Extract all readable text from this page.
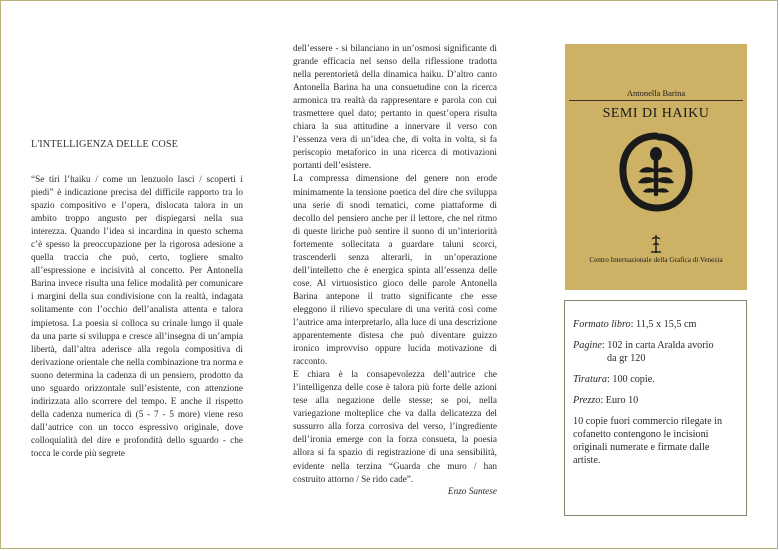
L'INTELLIGENZA DELLE COSE

“Se tiri l’haiku / come un lenzuolo lasci / scoperti i piedi” è indicazione precisa del difficile rapporto tra lo spazio compositivo e l’opera, dislocata talora in un ambito troppo angusto per dispiegarsi nella sua interezza. Quando l’idea si incardina in questo schema c’è spesso la preoccupazione per la rigorosa adesione a quella traccia che può, certo, togliere smalto all’espressione e incisività al concetto. Per Antonella Barina invece risulta una felice modalità per comunicare i margini della sua condivisione con la realtà, indagata solitamente con l’occhio dell’analista attenta e talora impietosa. La poesia si colloca su crinale lungo il quale da una parte si sviluppa e cresce all’insegna di un’ampia libertà, dall’altra aderisce alla regola compositiva di derivazione orientale che nella combinazione tra norma e suono determina la cadenza di un pensiero, prodotto da uno sguardo orizzontale sull’esistente, con attenzione indirizzata allo scorrere del tempo. E anche il rispetto della cadenza numerica di (5 - 7 - 5 more) viene reso dall’autrice con un tocco espressivo originale, dove colloquialità del dire e profondità dello sguardo - che tocca le corde più segrete

dell’essere - si bilanciano in un’osmosi significante di grande efficacia nel senso della riflessione tradotta nella perentorietà della dinamica haiku. D’altro canto Antonella Barina ha una consuetudine con la ricerca armonica tra realtà da rappresentare e parola con cui trasmettere quel dato; pertanto in quest’opera risulta chiara la sua attitudine a innervare il verso con l’essenza vera di un’idea che, di volta in volta, si fa periscopio metaforico in una ricerca di motivazioni portanti dell’esistere.

La compressa dimensione del genere non erode minimamente la tensione poetica del dire che sviluppa una serie di snodi tematici, come piattaforme di decollo del pensiero anche per il lettore, che nel ritmo di queste liriche può sentire il suono di un’interiorità fortemente sollecitata a guardare taluni scorci, trascenderli senza alterarli, in un’operazione dell’intelletto che è energica spinta all’essenza delle cose. Al virtuosistico gioco delle parole Antonella Barina antepone il tratto significante che esse eleggono il rilievo speculare di una verità così come l’autrice ama interpretarlo, alla luce di una descrizione apparentemente distesa che può diventare guizzo ironico improvviso oppure lucida motivazione di racconto.

E chiara è la consapevolezza dell’autrice che l’intelligenza delle cose è talora più forte delle azioni tese alla negazione delle stesse; se poi, nella variegazione molteplice che va dalla delicatezza del sussurro alla forza corrosiva del verso, l’ingrediente dell’ironia emerge con la forza consueta, la poesia allora si fa spazio di registrazione di una sensibilità, evidente nella terzina “Guarda che muro / han costruito attorno / Se rido cade”.

Enzo Santese
Antonella Barina
SEMI DI HAIKU
Centro Internazionale della Grafica di Venezia
Formato libro: 11,5 x 15,5 cm
Pagine: 102 in carta Aralda avorio
da gr 120
Tiratura: 100 copie.
Prezzo: Euro 10
10 copie fuori commercio rilegate in cofanetto contengono le incisioni originali numerate e firmate dalle artiste.
